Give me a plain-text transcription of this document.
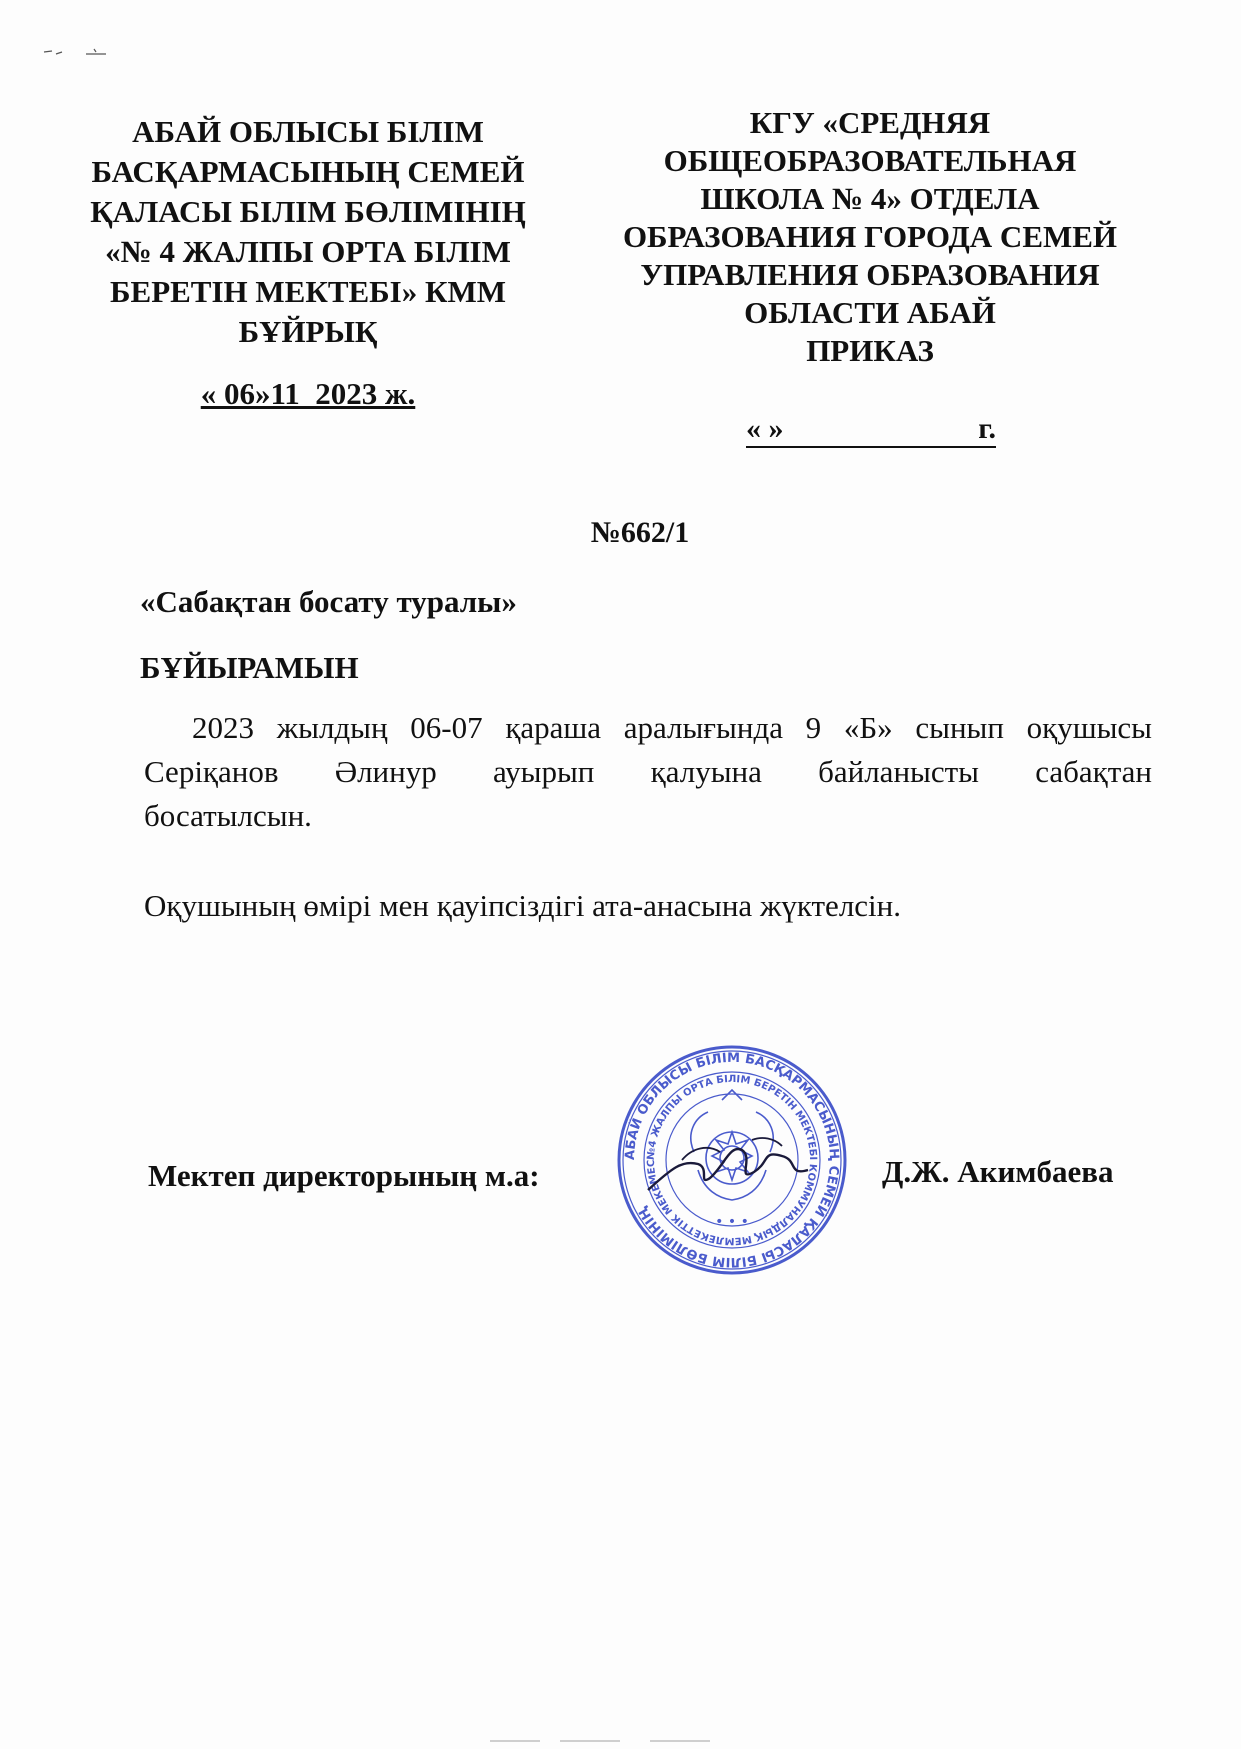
АБАЙ ОБЛЫСЫ БІЛІМ
БАСҚАРМАСЫНЫҢ СЕМЕЙ
ҚАЛАСЫ БІЛІМ БӨЛІМІНІҢ
«№ 4 ЖАЛПЫ ОРТА БІЛІМ
БЕРЕТІН МЕКТЕБІ» КММ
БҰЙРЫҚ
« 06»11  2023 ж.
КГУ «СРЕДНЯЯ
ОБЩЕОБРАЗОВАТЕЛЬНАЯ
ШКОЛА № 4» ОТДЕЛА
ОБРАЗОВАНИЯ ГОРОДА СЕМЕЙ
УПРАВЛЕНИЯ ОБРАЗОВАНИЯ
ОБЛАСТИ АБАЙ
ПРИКАЗ
« »	г.
№662/1
«Сабақтан босату туралы»
БҰЙЫРАМЫН
2023 жылдың 06-07 қараша аралығында 9 «Б» сынып оқушысы
Серіқанов Әлинур ауырып қалуына байланысты сабақтан
босатылсын.
Оқушының өмірі мен қауіпсіздігі ата-анасына жүктелсін.
Мектеп директорының м.а:
АБАЙ ОБЛЫСЫ БІЛІМ БАСҚАРМАСЫНЫҢ СЕМЕЙ ҚАЛАСЫ БІЛІМ БӨЛІМІНІҢ
№4 ЖАЛПЫ ОРТА БІЛІМ БЕРЕТІН МЕКТЕБІ КОММУНАЛДЫҚ МЕМЛЕКЕТТІК МЕКЕМЕС
• • •
Д.Ж. Акимбаева
